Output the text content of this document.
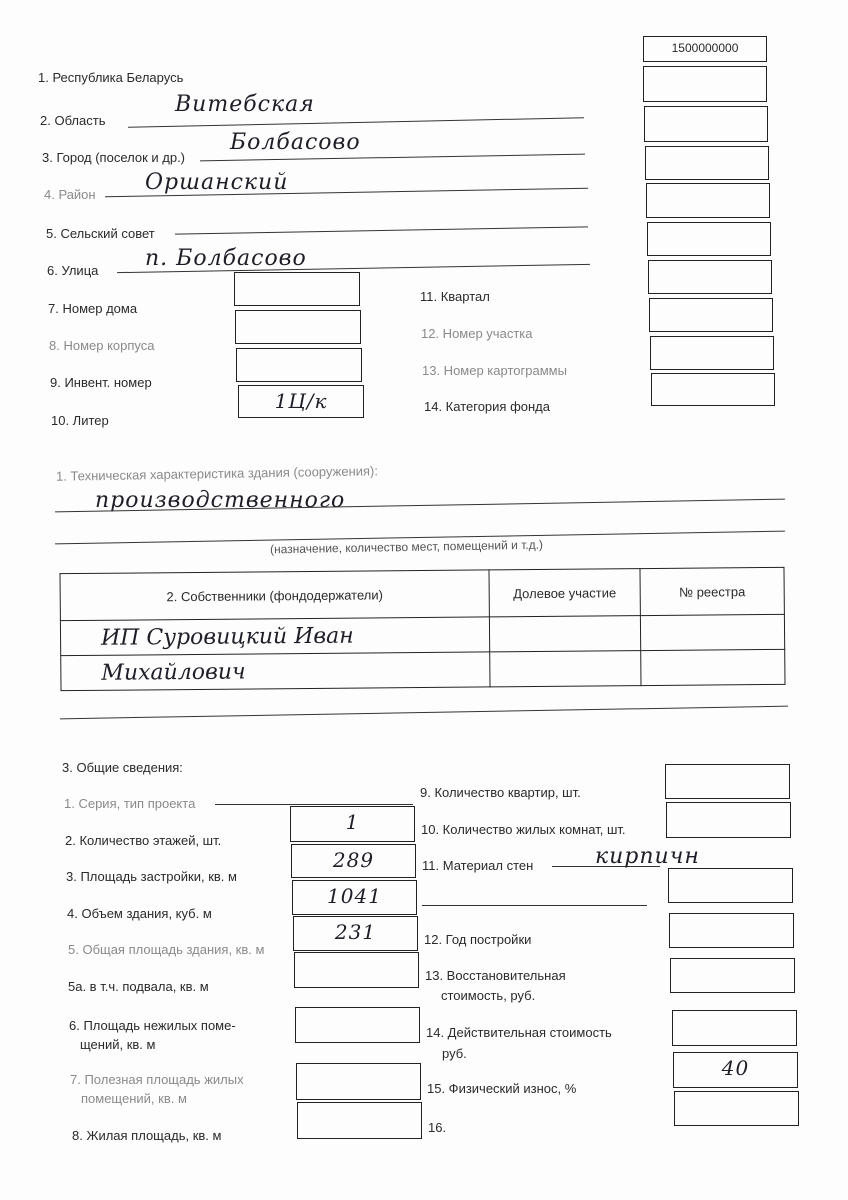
1500000000
1. Республика Беларусь
2. Область
Витебская
3. Город (поселок и др.)
Болбасово
4. Район Оршанский
5. Сельский совет
6. Улица п. Болбасово
7. Номер дома
8. Номер корпуса
9. Инвент. номер
10. Литер
1Ц/к
11. Квартал
12. Номер участка
13. Номер картограммы
14. Категория фонда
1. Техническая характеристика здания (сооружения):
производственного
(назначение, количество мест, помещений и т.д.)
2. Собственники (фондодержатели)	Долевое участие	№ реестра
ИП Суровицкий Иван		
Михайлович		
3. Общие сведения:
1. Серия, тип проекта
2. Количество этажей, шт.
1
3. Площадь застройки, кв. м
289
4. Объем здания, куб. м
1041
5. Общая площадь здания, кв. м
231
5а. в т.ч. подвала, кв. м
6. Площадь нежилых поме-
щений, кв. м
7. Полезная площадь жилых
помещений, кв. м
8. Жилая площадь, кв. м
9. Количество квартир, шт.
10. Количество жилых комнат, шт.
11. Материал стен	кирпичн
12. Год постройки
13. Восстановительная
стоимость, руб.
14. Действительная стоимость
руб.
15. Физический износ, %
40
16.
